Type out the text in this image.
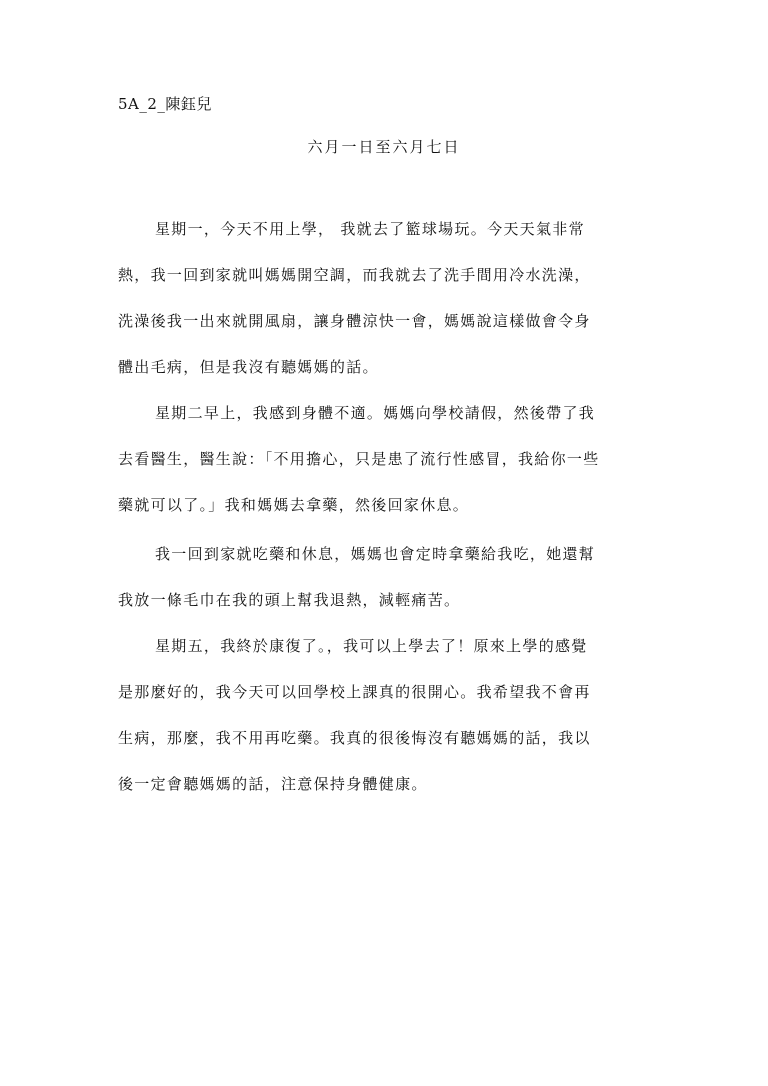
5A_2_陳鈺兒
六月一日至六月七日
星期一，今天不用上學， 我就去了籃球場玩。今天天氣非常
熱，我一回到家就叫媽媽開空調，而我就去了洗手間用冷水洗澡，
洗澡後我一出來就開風扇，讓身體涼快一會，媽媽說這樣做會令身
體出毛病，但是我沒有聽媽媽的話。
星期二早上，我感到身體不適。媽媽向學校請假，然後帶了我
去看醫生，醫生說：「不用擔心，只是患了流行性感冒，我給你一些
藥就可以了。」我和媽媽去拿藥，然後回家休息。
我一回到家就吃藥和休息，媽媽也會定時拿藥給我吃，她還幫
我放一條毛巾在我的頭上幫我退熱，減輕痛苦。
星期五，我終於康復了。，我可以上學去了！原來上學的感覺
是那麼好的，我今天可以回學校上課真的很開心。我希望我不會再
生病，那麼，我不用再吃藥。我真的很後悔沒有聽媽媽的話，我以
後一定會聽媽媽的話，注意保持身體健康。
